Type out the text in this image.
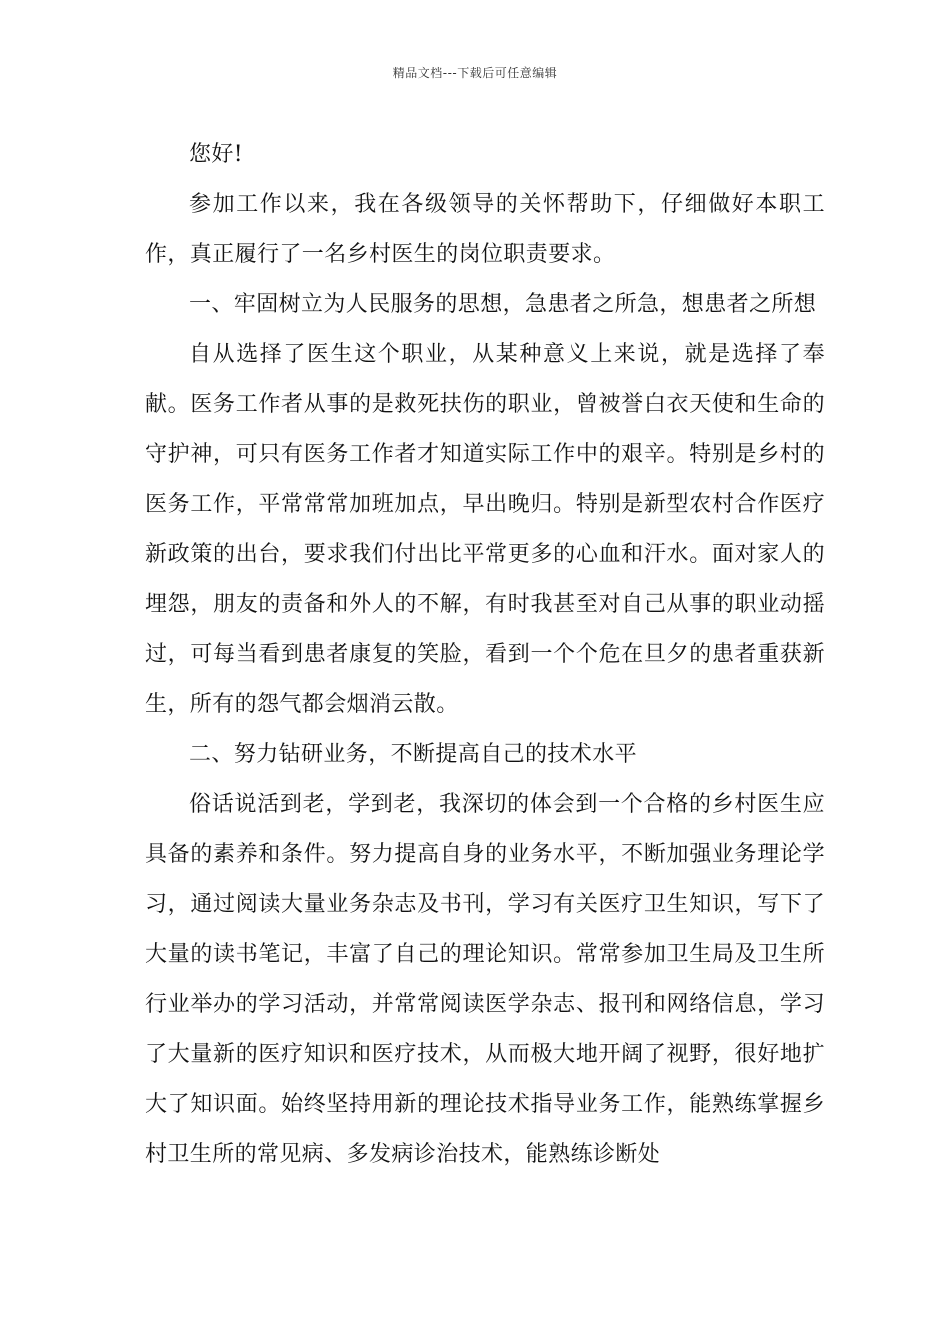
精品文档---下载后可任意编辑

您好!

参加工作以来，我在各级领导的关怀帮助下，仔细做好本职工作，真正履行了一名乡村医生的岗位职责要求。

一、牢固树立为人民服务的思想，急患者之所急，想患者之所想

自从选择了医生这个职业，从某种意义上来说，就是选择了奉献。医务工作者从事的是救死扶伤的职业，曾被誉白衣天使和生命的守护神，可只有医务工作者才知道实际工作中的艰辛。特别是乡村的医务工作，平常常常加班加点，早出晚归。特别是新型农村合作医疗新政策的出台，要求我们付出比平常更多的心血和汗水。面对家人的埋怨，朋友的责备和外人的不解，有时我甚至对自己从事的职业动摇过，可每当看到患者康复的笑脸，看到一个个危在旦夕的患者重获新生，所有的怨气都会烟消云散。

二、努力钻研业务，不断提高自己的技术水平

俗话说活到老，学到老，我深切的体会到一个合格的乡村医生应具备的素养和条件。努力提高自身的业务水平，不断加强业务理论学习，通过阅读大量业务杂志及书刊，学习有关医疗卫生知识，写下了大量的读书笔记，丰富了自己的理论知识。常常参加卫生局及卫生所行业举办的学习活动，并常常阅读医学杂志、报刊和网络信息，学习了大量新的医疗知识和医疗技术，从而极大地开阔了视野，很好地扩大了知识面。始终坚持用新的理论技术指导业务工作，能熟练掌握乡村卫生所的常见病、多发病诊治技术，能熟练诊断处
